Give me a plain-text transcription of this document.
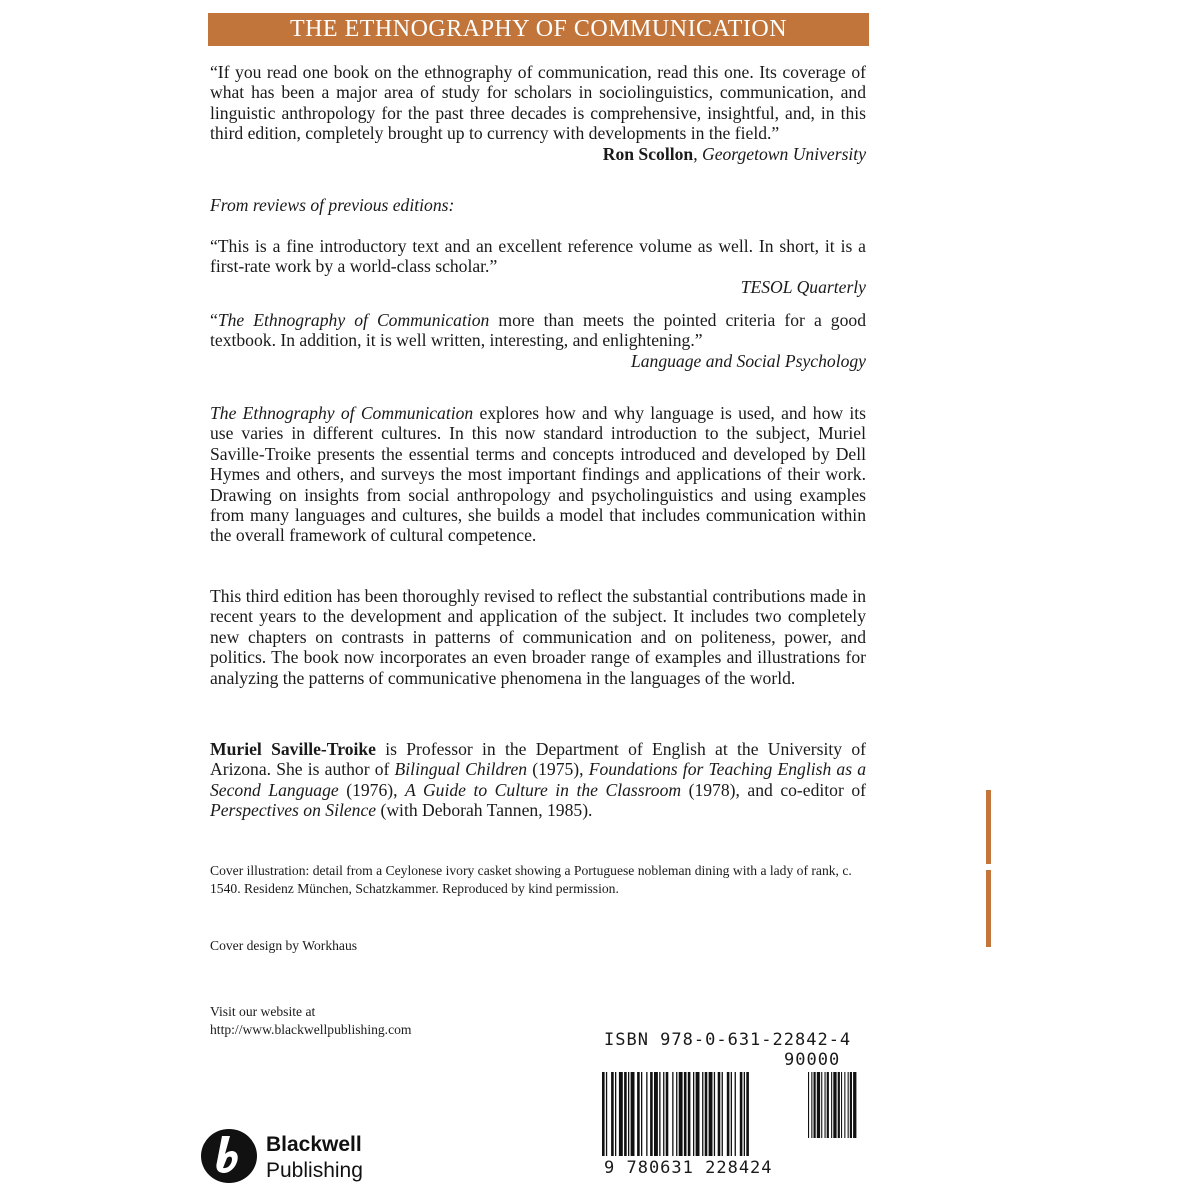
THE ETHNOGRAPHY OF COMMUNICATION

“If you read one book on the ethnography of communication, read this one. Its coverage of what has been a major area of study for scholars in sociolinguistics, communication, and linguistic anthropology for the past three decades is comprehensive, insightful, and, in this third edition, completely brought up to currency with developments in the field.”

Ron Scollon, Georgetown University

From reviews of previous editions:

“This is a fine introductory text and an excellent reference volume as well. In short, it is a first-rate work by a world-class scholar.”

TESOL Quarterly

“The Ethnography of Communication more than meets the pointed criteria for a good textbook. In addition, it is well written, interesting, and enlightening.”

Language and Social Psychology

The Ethnography of Communication explores how and why language is used, and how its use varies in different cultures. In this now standard introduction to the subject, Muriel Saville-Troike presents the essential terms and concepts introduced and developed by Dell Hymes and others, and surveys the most important findings and applications of their work. Drawing on insights from social anthropology and psycholinguistics and using examples from many languages and cultures, she builds a model that includes communication within the overall framework of cultural competence.

This third edition has been thoroughly revised to reflect the substantial contributions made in recent years to the development and application of the subject. It includes two completely new chapters on contrasts in patterns of communication and on politeness, power, and politics. The book now incorporates an even broader range of examples and illustrations for analyzing the patterns of communicative phenomena in the languages of the world.

Muriel Saville-Troike is Professor in the Department of English at the University of Arizona. She is author of Bilingual Children (1975), Foundations for Teaching English as a Second Language (1976), A Guide to Culture in the Classroom (1978), and co-editor of Perspectives on Silence (with Deborah Tannen, 1985).

Cover illustration: detail from a Ceylonese ivory casket showing a Portuguese nobleman dining with a lady of rank, c. 1540. Residenz München, Schatzkammer. Reproduced by kind permission.
Cover design by Workhaus
Visit our website at
http://www.blackwellpublishing.com
ISBN 978-0-631-22842-4
90000
9 780631 228424
Blackwell
Publishing
